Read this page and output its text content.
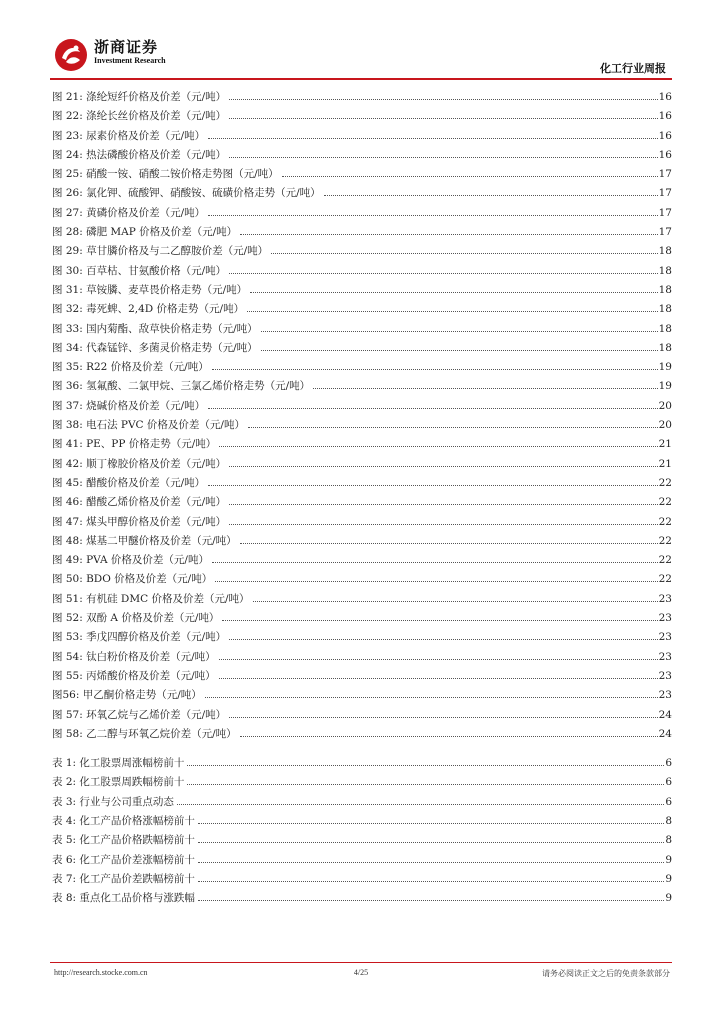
浙商证券
Investment Research
化工行业周报
图 21: 涤纶短纤价格及价差（元/吨）	16
图 22: 涤纶长丝价格及价差（元/吨）	16
图 23: 尿素价格及价差（元/吨）	16
图 24: 热法磷酸价格及价差（元/吨）	16
图 25: 硝酸一铵、硝酸二铵价格走势图（元/吨）	17
图 26: 氯化钾、硫酸钾、硝酸铵、硫磺价格走势（元/吨）	17
图 27: 黄磷价格及价差（元/吨）	17
图 28: 磷肥 MAP 价格及价差（元/吨）	17
图 29: 草甘膦价格及与二乙醇胺价差（元/吨）	18
图 30: 百草枯、甘氨酸价格（元/吨）	18
图 31: 草铵膦、麦草畏价格走势（元/吨）	18
图 32: 毒死蜱、2,4D 价格走势（元/吨）	18
图 33: 国内菊酯、敌草快价格走势（元/吨）	18
图 34: 代森锰锌、多菌灵价格走势（元/吨）	18
图 35: R22 价格及价差（元/吨）	19
图 36: 氢氟酸、二氯甲烷、三氯乙烯价格走势（元/吨）	19
图 37: 烧碱价格及价差（元/吨）	20
图 38: 电石法 PVC 价格及价差（元/吨）	20
图 41: PE、PP 价格走势（元/吨）	21
图 42: 顺丁橡胶价格及价差（元/吨）	21
图 45: 醋酸价格及价差（元/吨）	22
图 46: 醋酸乙烯价格及价差（元/吨）	22
图 47: 煤头甲醇价格及价差（元/吨）	22
图 48: 煤基二甲醚价格及价差（元/吨）	22
图 49: PVA 价格及价差（元/吨）	22
图 50: BDO 价格及价差（元/吨）	22
图 51: 有机硅 DMC 价格及价差（元/吨）	23
图 52: 双酚 A 价格及价差（元/吨）	23
图 53: 季戊四醇价格及价差（元/吨）	23
图 54: 钛白粉价格及价差（元/吨）	23
图 55: 丙烯酸价格及价差（元/吨）	23
图56: 甲乙酮价格走势（元/吨）	23
图 57: 环氧乙烷与乙烯价差（元/吨）	24
图 58: 乙二醇与环氧乙烷价差（元/吨）	24
表 1: 化工股票周涨幅榜前十	6
表 2: 化工股票周跌幅榜前十	6
表 3: 行业与公司重点动态	6
表 4: 化工产品价格涨幅榜前十	8
表 5: 化工产品价格跌幅榜前十	8
表 6: 化工产品价差涨幅榜前十	9
表 7: 化工产品价差跌幅榜前十	9
表 8: 重点化工品价格与涨跌幅	9
http://research.stocke.com.cn	4/25	请务必阅读正文之后的免责条款部分
